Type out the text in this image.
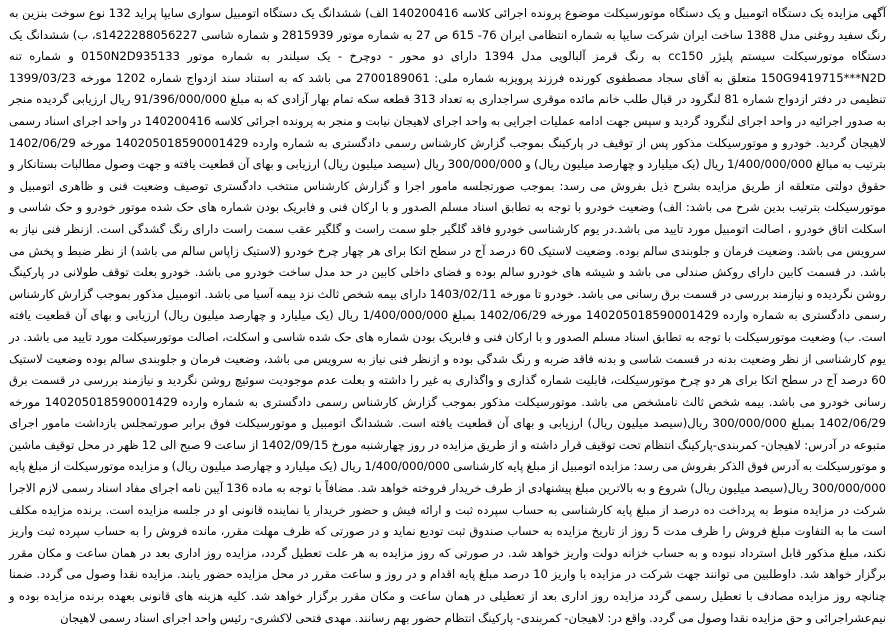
آگهی مزایده یک دستگاه اتومبیل و یک دستگاه موتورسیکلت موضوع پرونده اجرائی کلاسه 140200416 الف) ششدانگ یک دستگاه اتومبیل سواری سایپا پراید 132 نوع سوخت بنزین به رنگ سفید روغنی مدل 1388 ساخت ایران شرکت سایپا به شماره انتظامی ایران 76- 615 ص 27 به شماره موتور 2815939 و شماره شاسی s1422288056227، ب) ششدانگ یک دستگاه موتورسیکلت سیستم پلیژر cc150 به رنگ قرمز آلبالویی مدل 1394 دارای دو محور - دوچرخ - یک سیلندر به شماره موتور 0150N2D935133 و شماره تنه 150G9419715***N2D متعلق به آقای سجاد مصطفوی کورنده فرزند پرویزبه شماره ملی: 2700189061 می باشد که به استناد سند ازدواج شماره 1202 مورخه 1399/03/23 تنظیمی در دفتر ازدواج شماره 81 لنگرود در قبال طلب خانم مائده موقری سراجداری به تعداد 313 قطعه سکه تمام بهار آزادی که به مبلغ 91/396/000/000 ریال ارزیابی گردیده منجر به صدور اجرائیه در واحد اجرای لنگرود گردید و سپس جهت ادامه عملیات اجرایی به واحد اجرای لاهیجان نیابت و منجر به پرونده اجرائی کلاسه 140200416 در واحد اجرای اسناد رسمی لاهیجان گردید. خودرو و موتورسیکلت مذکور پس از توقیف در پارکینگ بموجب گزارش کارشناس رسمی دادگستری به شماره وارده 140205018590001429 مورخه 1402/06/29 بترتیب به مبالغ 1/400/000/000 ریال (یک میلیارد و چهارصد میلیون ریال) و 300/000/000 ریال (سیصد میلیون ریال) ارزیابی و بهای آن قطعیت یافته و جهت وصول مطالبات بستانکار و حقوق دولتی متعلقه از طریق مزایده بشرح ذیل بفروش می رسد: بموجب صورتجلسه مامور اجرا و گزارش کارشناس منتخب دادگستری توصیف وضعیت فنی و ظاهری اتومبیل و موتورسیکلت بترتیب بدین شرح می باشد: الف) وضعیت خودرو با توجه به تطابق اسناد مسلم الصدور و با ارکان فنی و فابریک بودن شماره های حک شده موتور خودرو و حک شاسی و اسکلت اتاق خودرو ، اصالت اتومبیل مورد تایید می باشد.در یوم کارشناسی خودرو فاقد گلگیر جلو سمت راست و گلگیر عقب سمت راست دارای رنگ گشدگی است. ازنظر فنی نیاز به سرویس می باشد. وضعیت فرمان و جلوبندی سالم بوده. وضعیت لاستیک 60 درصد آج در سطح اتکا برای هر چهار چرخ خودرو (لاستیک زاپاس سالم می باشد) از نظر ضبط و پخش می باشد. در قسمت کابین دارای روکش صندلی می باشد و شیشه های خودرو سالم بوده و فضای داخلی کابین در حد مدل ساخت خودرو می باشد. خودرو بعلت توقف طولانی در پارکینگ روشن نگردیده و نیازمند بررسی در قسمت برق رسانی می باشد. خودرو تا مورخه 1403/02/11 دارای بیمه شخص ثالث نزد بیمه آسیا می باشد. اتومبیل مذکور بموجب گزارش کارشناس رسمی دادگستری به شماره وارده 140205018590001429 مورخه 1402/06/29 بمبلغ 1/400/000/000 ریال (یک میلیارد و چهارصد میلیون ریال) ارزیابی و بهای آن قطعیت یافته است. ب) وضعیت موتورسیکلت با توجه به تطابق اسناد مسلم الصدور و با ارکان فنی و فابریک بودن شماره های حک شده شاسی و اسکلت، اصالت موتورسیکلت مورد تایید می باشد. در یوم کارشناسی از نظر وضعیت بدنه در قسمت شاسی و بدنه فاقد ضربه و رنگ شدگی بوده و ازنظر فنی نیاز به سرویس می باشد، وضعیت فرمان و جلوبندی سالم بوده وضعیت لاستیک 60 درصد آج در سطح اتکا برای هر دو چرخ موتورسیکلت، قابلیت شماره گذاری و واگذاری به غیر را داشته و بعلت عدم موجودیت سوئیچ روشن نگردید و نیازمند بررسی در قسمت برق رسانی خودرو می باشد. بیمه شخص ثالث نامشخص می باشد. موتورسیکلت مذکور بموجب گزارش کارشناس رسمی دادگستری به شماره وارده 140205018590001429 مورخه 1402/06/29 بمبلغ 300/000/000 ریال(سیصد میلیون ریال) ارزیابی و بهای آن قطعیت یافته است. ششدانگ اتومبیل و موتورسیکلت فوق برابر صورتمجلس بازداشت مامور اجرای متبوعه در آدرس: لاهیجان- کمربندی-پارکینگ انتظام تحت توقیف قرار داشته و از طریق مزایده در روز چهارشنبه مورخ 1402/09/15 از ساعت 9 صبح الی 12 ظهر در محل توقیف ماشین و موتورسیکلت به آدرس فوق الذکر بفروش می رسد: مزایده اتومبیل از مبلغ پایه کارشناسی 1/400/000/000 ریال (یک میلیارد و چهارصد میلیون ریال) و مزایده موتورسیکلت از مبلغ پایه 300/000/000 ریال(سیصد میلیون ریال) شروع و به بالاترین مبلغ پیشنهادی از طرف خریدار فروخته خواهد شد. مضافاً با توجه به ماده 136 آیین نامه اجرای مفاد اسناد رسمی لازم الاجرا شرکت در مزایده منوط به پرداخت ده درصد از مبلغ پایه کارشناسی به حساب سپرده ثبت و ارائه فیش و حضور خریدار یا نماینده قانونی او در جلسه مزایده است. برنده مزایده مکلف است ما به التفاوت مبلغ فروش را ظرف مدت 5 روز از تاریخ مزایده به حساب صندوق ثبت تودیع نماید و در صورتی که ظرف مهلت مقرر، مانده فروش را به حساب سپرده ثبت واریز نکند، مبلغ مذکور قابل استرداد نبوده و به حساب خزانه دولت واریز خواهد شد. در صورتی که روز مزایده به هر علت تعطیل گردد، مزایده روز اداری بعد در همان ساعت و مکان مقرر برگزار خواهد شد. داوطلبین می توانند جهت شرکت در مزایده با واریز 10 درصد مبلغ پایه اقدام و در روز و ساعت مقرر در محل مزایده حضور یابند. مزایده نقدا وصول می گردد. ضمنا چنانچه روز مزایده مصادف با تعطیل رسمی گردد مزایده روز اداری بعد از تعطیلی در همان ساعت و مکان مقرر برگزار خواهد شد. کلیه هزینه های قانونی بعهده برنده مزایده بوده و نیم‌عشر‌اجرائی و حق مزایده نقدا وصول می گردد. واقع در: لاهیجان- کمربندی- پارکینگ انتظام حضور بهم رسانند. مهدی فتحی لاکشری- رئیس واحد اجرای اسناد رسمی لاهیجان
